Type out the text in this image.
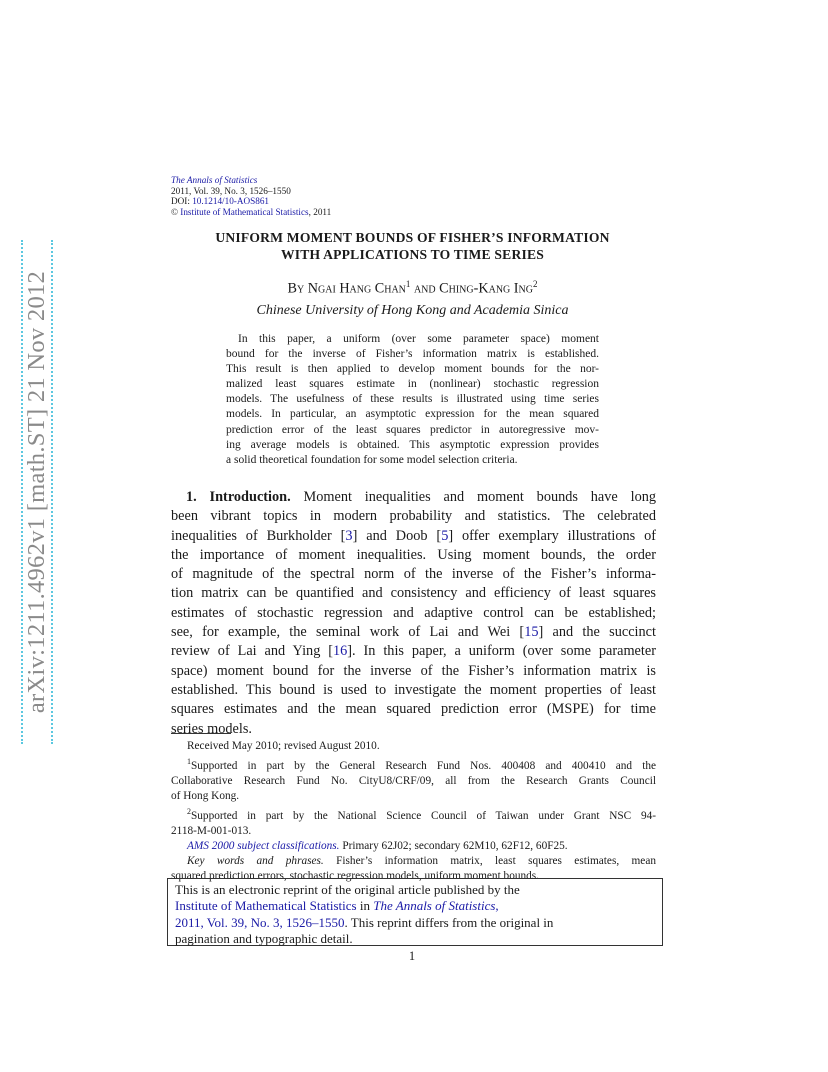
arXiv:1211.4962v1 [math.ST] 21 Nov 2012
The Annals of Statistics
2011, Vol. 39, No. 3, 1526–1550
DOI: 10.1214/10-AOS861
© Institute of Mathematical Statistics, 2011
UNIFORM MOMENT BOUNDS OF FISHER’S INFORMATION
WITH APPLICATIONS TO TIME SERIES
By Ngai Hang Chan$^1$ and Ching-Kang Ing$^2$
Chinese University of Hong Kong and Academia Sinica
In this paper, a uniform (over some parameter space) moment
bound for the inverse of Fisher’s information matrix is established.
This result is then applied to develop moment bounds for the nor-
malized least squares estimate in (nonlinear) stochastic regression
models. The usefulness of these results is illustrated using time series
models. In particular, an asymptotic expression for the mean squared
prediction error of the least squares predictor in autoregressive mov-
ing average models is obtained. This asymptotic expression provides
a solid theoretical foundation for some model selection criteria.
1. Introduction. Moment inequalities and moment bounds have long
been vibrant topics in modern probability and statistics. The celebrated
inequalities of Burkholder [3] and Doob [5] offer exemplary illustrations of
the importance of moment inequalities. Using moment bounds, the order
of magnitude of the spectral norm of the inverse of the Fisher’s informa-
tion matrix can be quantified and consistency and efficiency of least squares
estimates of stochastic regression and adaptive control can be established;
see, for example, the seminal work of Lai and Wei [15] and the succinct
review of Lai and Ying [16]. In this paper, a uniform (over some parameter
space) moment bound for the inverse of the Fisher’s information matrix is
established. This bound is used to investigate the moment properties of least
squares estimates and the mean squared prediction error (MSPE) for time
series models.
Received May 2010; revised August 2010.
$^1$Supported in part by the General Research Fund Nos. 400408 and 400410 and the
Collaborative Research Fund No. CityU8/CRF/09, all from the Research Grants Council
of Hong Kong.
$^2$Supported in part by the National Science Council of Taiwan under Grant NSC 94-
2118-M-001-013.
AMS 2000 subject classifications. Primary 62J02; secondary 62M10, 62F12, 60F25.
Key words and phrases. Fisher’s information matrix, least squares estimates, mean
squared prediction errors, stochastic regression models, uniform moment bounds.
This is an electronic reprint of the original article published by the
Institute of Mathematical Statistics in The Annals of Statistics,
2011, Vol. 39, No. 3, 1526–1550. This reprint differs from the original in
pagination and typographic detail.
1
